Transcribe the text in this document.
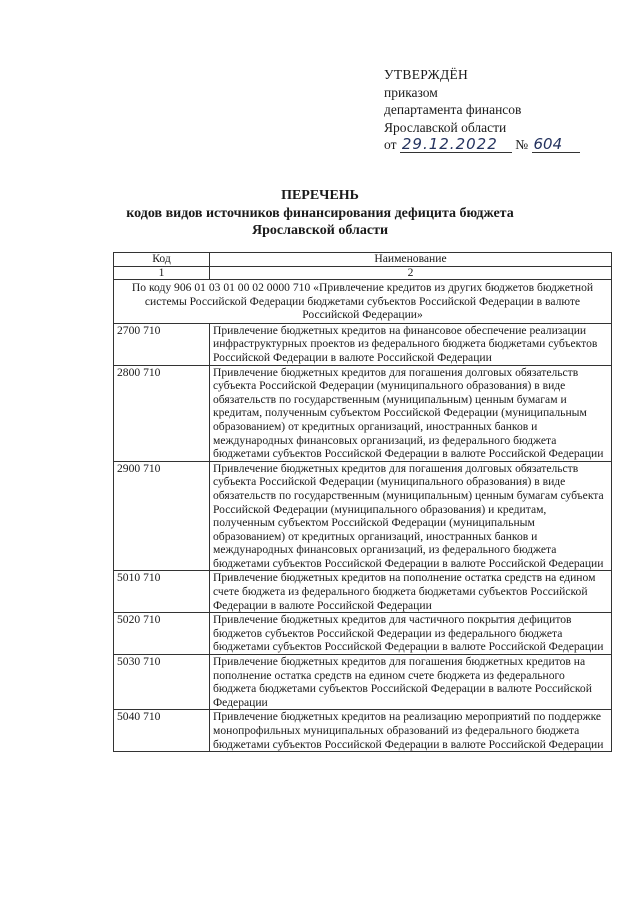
УТВЕРЖДЁН
приказом
департамента финансов
Ярославской области
от 29.12.2022 № 604
ПЕРЕЧЕНЬ
кодов видов источников финансирования дефицита бюджета
Ярославской области
Код	Наименование
1	2
По коду 906 01 03 01 00 02 0000 710 «Привлечение кредитов из других бюджетов бюджетной системы Российской Федерации бюджетами субъектов Российской Федерации в валюте Российской Федерации»	
2700 710	Привлечение бюджетных кредитов на финансовое обеспечение реализации инфраструктурных проектов из федерального бюджета бюджетами субъектов Российской Федерации в валюте Российской Федерации
2800 710	Привлечение бюджетных кредитов для погашения долговых обязательств субъекта Российской Федерации (муниципального образования) в виде обязательств по государственным (муниципальным) ценным бумагам и кредитам, полученным субъектом Российской Федерации (муниципальным образованием) от кредитных организаций, иностранных банков и международных финансовых организаций, из федерального бюджета бюджетами субъектов Российской Федерации в валюте Российской Федерации
2900 710	Привлечение бюджетных кредитов для погашения долговых обязательств субъекта Российской Федерации (муниципального образования) в виде обязательств по государственным (муниципальным) ценным бумагам субъекта Российской Федерации (муниципального образования) и кредитам, полученным субъектом Российской Федерации (муниципальным образованием) от кредитных организаций, иностранных банков и международных финансовых организаций, из федерального бюджета бюджетами субъектов Российской Федерации в валюте Российской Федерации
5010 710	Привлечение бюджетных кредитов на пополнение остатка средств на едином счете бюджета из федерального бюджета бюджетами субъектов Российской Федерации в валюте Российской Федерации
5020 710	Привлечение бюджетных кредитов для частичного покрытия дефицитов бюджетов субъектов Российской Федерации из федерального бюджета бюджетами субъектов Российской Федерации в валюте Российской Федерации
5030 710	Привлечение бюджетных кредитов для погашения бюджетных кредитов на пополнение остатка средств на едином счете бюджета из федерального бюджета бюджетами субъектов Российской Федерации в валюте Российской Федерации
5040 710	Привлечение бюджетных кредитов на реализацию мероприятий по поддержке монопрофильных муниципальных образований из федерального бюджета бюджетами субъектов Российской Федерации в валюте Российской Федерации
